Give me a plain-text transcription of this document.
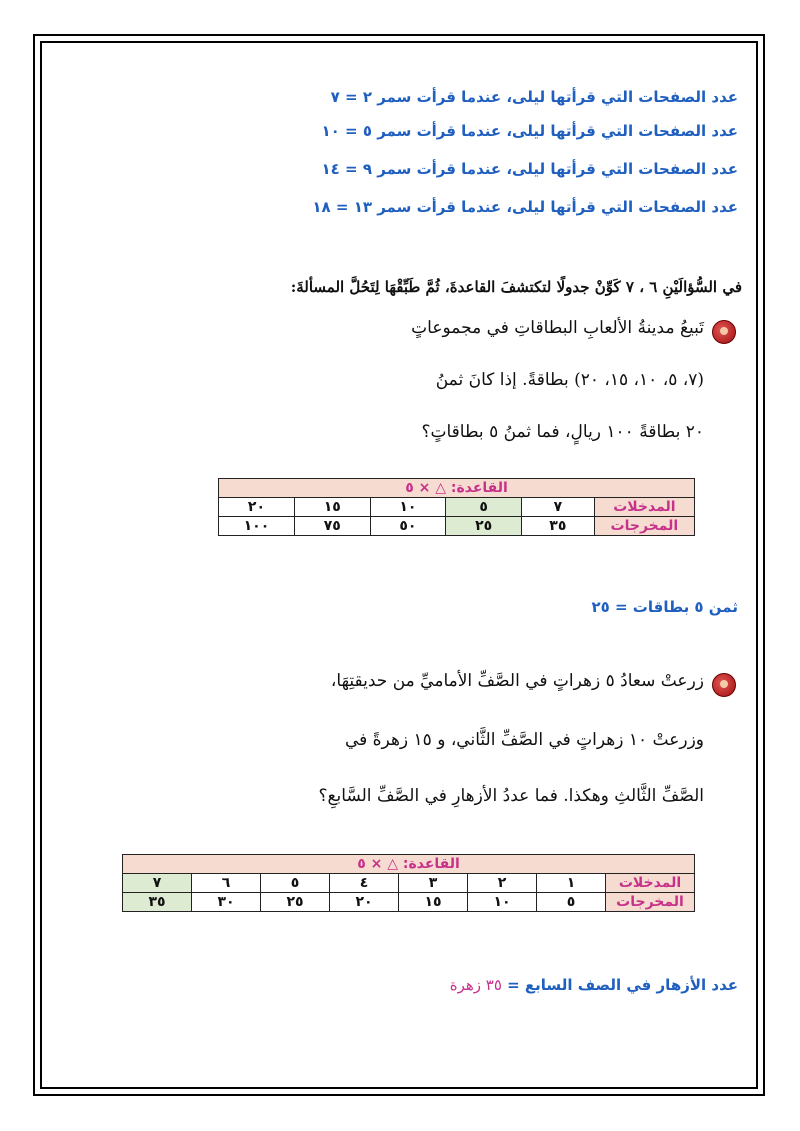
عدد الصفحات التي قرأتها ليلى، عندما قرأت سمر ٢ = ٧
عدد الصفحات التي قرأتها ليلى، عندما قرأت سمر ٥ = ١٠
عدد الصفحات التي قرأتها ليلى، عندما قرأت سمر ٩ = ١٤
عدد الصفحات التي قرأتها ليلى، عندما قرأت سمر ١٣ = ١٨
في السُّؤالَيْنِ ٦ ، ٧ كَوِّنْ جدولًا لتكتشفَ القاعدةَ، ثُمَّ طَبِّقْهَا لِتَحُلَّ المسألةَ:
تَبيعُ مدينةُ الألعابِ البطاقاتِ في مجموعاتٍ
(٧، ٥، ١٠، ١٥، ٢٠) بطاقةً. إذا كانَ ثمنُ
٢٠ بطاقةً ١٠٠ ريالٍ، فما ثمنُ ٥ بطاقاتٍ؟
القاعدة: △ × ٥					
المدخلات	٧	٥	١٠	١٥	٢٠
المخرجات	٣٥	٢٥	٥٠	٧٥	١٠٠
ثمن ٥ بطاقات = ٢٥
زرعتْ سعادُ ٥ زهراتٍ في الصَّفِّ الأماميِّ من حديقتِهَا،
وزرعتْ ١٠ زهراتٍ في الصَّفِّ الثَّاني، و ١٥ زهرةً في
الصَّفِّ الثَّالثِ وهكذا. فما عددُ الأزهارِ في الصَّفِّ السَّابعِ؟
القاعدة: △ × ٥							
المدخلات	١	٢	٣	٤	٥	٦	٧
المخرجات	٥	١٠	١٥	٢٠	٢٥	٣٠	٣٥
عدد الأزهار في الصف السابع = ٣٥ زهرة
